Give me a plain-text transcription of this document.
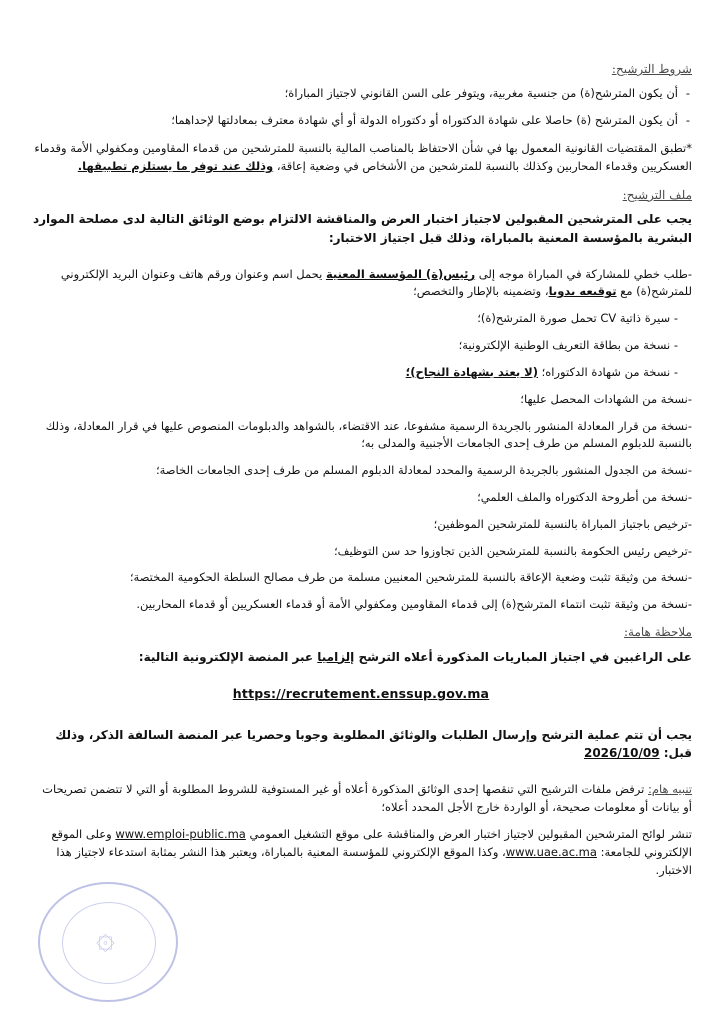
شروط الترشيح:
- أن يكون المترشح(ة) من جنسية مغربية، ويتوفر على السن القانوني لاجتياز المباراة؛
- أن يكون المترشح (ة) حاصلا على شهادة الدكتوراه أو دكتوراه الدولة أو أي شهادة معترف بمعادلتها لإحداهما؛
*تطبق المقتضيات القانونية المعمول بها في شأن الاحتفاظ بالمناصب المالية بالنسبة للمترشحين من قدماء المقاومين ومكفولي الأمة وقدماء العسكريين وقدماء المحاربين وكذلك بالنسبة للمترشحين من الأشخاص في وضعية إعاقة، وذلك عند توفر ما يستلزم تطبيقها.
ملف الترشيح:
يجب على المترشحين المقبولين لاجتياز اختبار العرض والمناقشة الالتزام بوضع الوثائق التالية لدى مصلحة الموارد البشرية بالمؤسسة المعنية بالمباراة، وذلك قبل اجتياز الاختبار:
-طلب خطي للمشاركة في المباراة موجه إلى رئيس(ة) المؤسسة المعنية يحمل اسم وعنوان ورقم هاتف وعنوان البريد الإلكتروني للمترشح(ة) مع توقيعه يدويا، وتضمينه بالإطار والتخصص؛
- سيرة ذاتية CV تحمل صورة المترشح(ة)؛
- نسخة من بطاقة التعريف الوطنية الإلكترونية؛
- نسخة من شهادة الدكتوراه؛ (لا يعتد بشهادة النجاح)؛
-نسخة من الشهادات المحصل عليها؛
-نسخة من قرار المعادلة المنشور بالجريدة الرسمية مشفوعا، عند الاقتضاء، بالشواهد والدبلومات المنصوص عليها في قرار المعادلة، وذلك بالنسبة للدبلوم المسلم من طرف إحدى الجامعات الأجنبية والمدلى به؛
-نسخة من الجدول المنشور بالجريدة الرسمية والمحدد لمعادلة الدبلوم المسلم من طرف إحدى الجامعات الخاصة؛
-نسخة من أطروحة الدكتوراه والملف العلمي؛
-ترخيص باجتياز المباراة بالنسبة للمترشحين الموظفين؛
-ترخيص رئيس الحكومة بالنسبة للمترشحين الذين تجاوزوا حد سن التوظيف؛
-نسخة من وثيقة تثبت وضعية الإعاقة بالنسبة للمترشحين المعنيين مسلمة من طرف مصالح السلطة الحكومية المختصة؛
-نسخة من وثيقة تثبت انتماء المترشح(ة) إلى قدماء المقاومين ومكفولي الأمة أو قدماء العسكريين أو قدماء المحاربين.
ملاحظة هامة:
على الراغبين في اجتياز المباريات المذكورة أعلاه الترشح إلزاميا عبر المنصة الإلكترونية التالية:
https://recrutement.enssup.gov.ma
يجب أن تتم عملية الترشح وإرسال الطلبات والوثائق المطلوبة وجوبا وحصريا عبر المنصة السالفة الذكر، وذلك قبل: 2026/10/09
تنبيه هام: ترفض ملفات الترشيح التي تنقصها إحدى الوثائق المذكورة أعلاه أو غير المستوفية للشروط المطلوبة أو التي لا تتضمن تصريحات أو بيانات أو معلومات صحيحة، أو الواردة خارج الأجل المحدد أعلاه؛
تنشر لوائح المترشحين المقبولين لاجتياز اختبار العرض والمناقشة على موقع التشغيل العمومي www.emploi-public.ma وعلى الموقع الإلكتروني للجامعة: www.uae.ac.ma، وكذا الموقع الإلكتروني للمؤسسة المعنية بالمباراة، ويعتبر هذا النشر بمثابة استدعاء لاجتياز هذا الاختبار.
۞
